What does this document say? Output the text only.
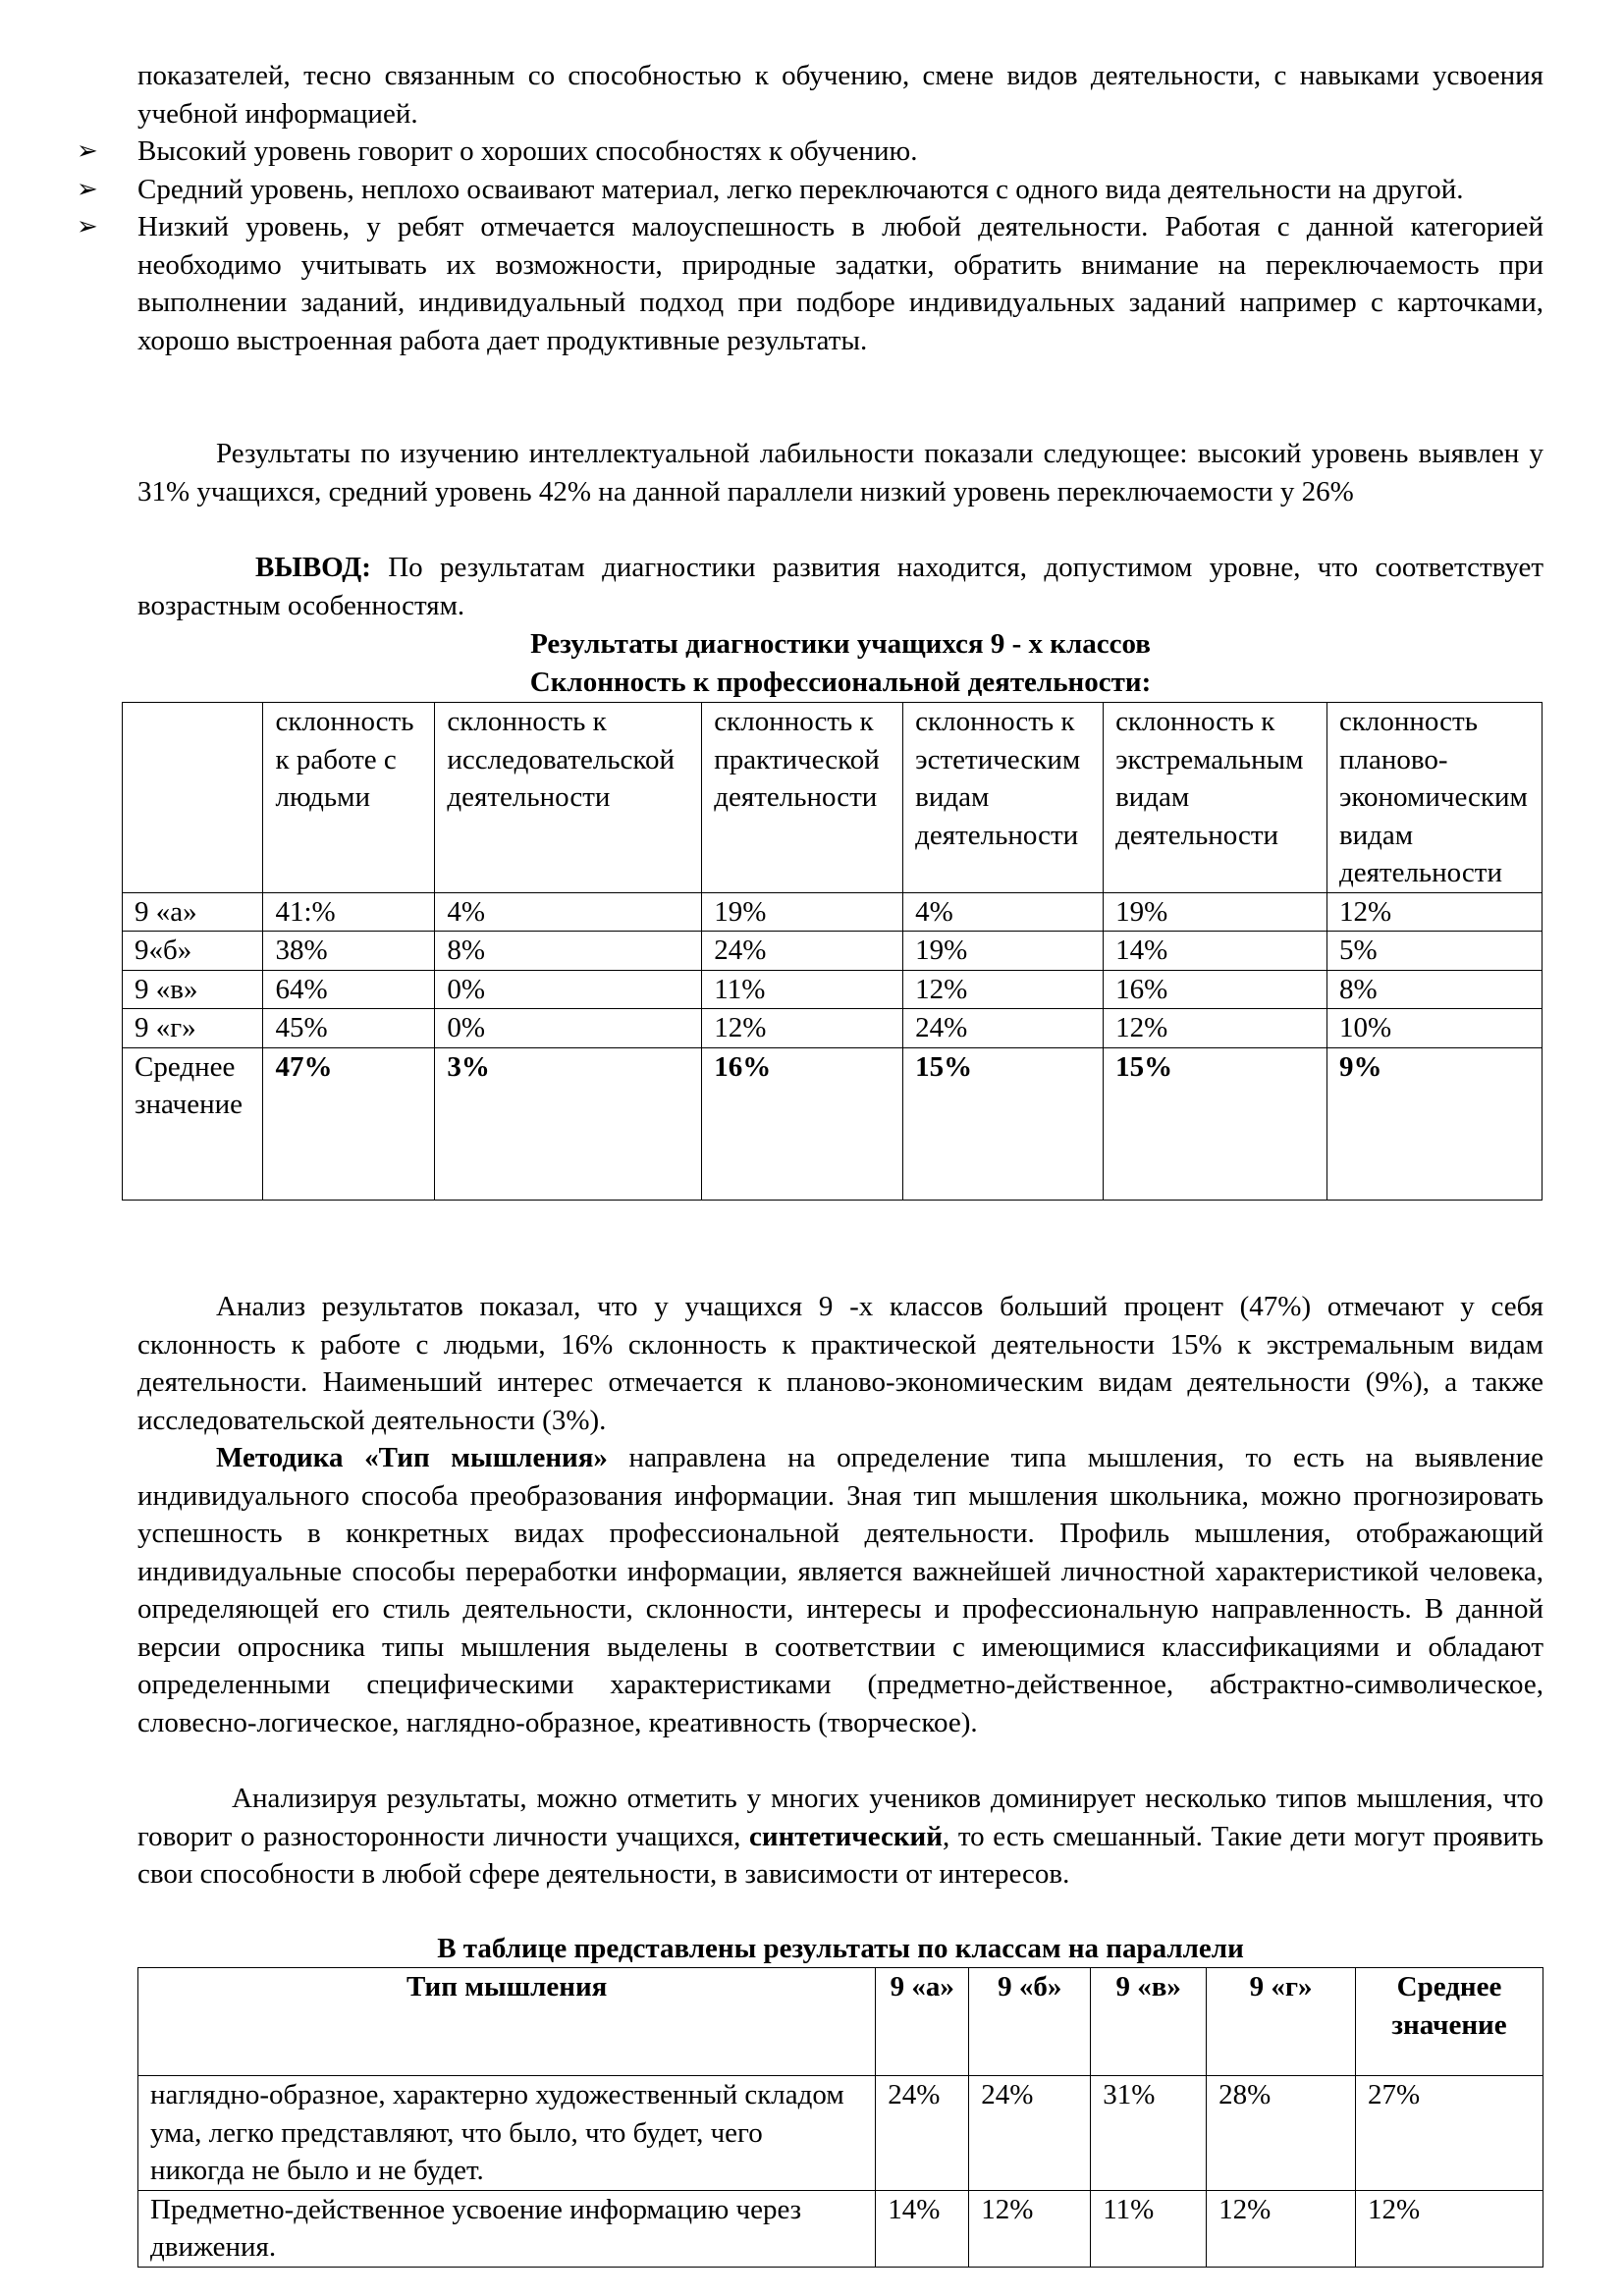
показателей, тесно связанным со способностью к обучению, смене видов деятельности, с навыками усвоения учебной информацией.

➢ Высокий уровень говорит о хороших способностях к обучению.
➢ Средний уровень, неплохо осваивают материал, легко переключаются с одного вида деятельности на другой.
➢ Низкий уровень, у ребят отмечается малоуспешность в любой деятельности. Работая с данной категорией необходимо учитывать их возможности, природные задатки, обратить внимание на переключаемость при выполнении заданий, индивидуальный подход при подборе индивидуальных заданий например с карточками, хорошо выстроенная работа дает продуктивные результаты.

Результаты по изучению интеллектуальной лабильности показали следующее: высокий уровень выявлен у 31% учащихся, средний уровень 42% на данной параллели низкий уровень переключаемости у 26%

ВЫВОД: По результатам диагностики развития находится, допустимом уровне, что соответствует возрастным особенностям.

Результаты диагностики учащихся 9 - х классов
Склонность к профессиональной деятельности:
	склонность к работе с людьми	склонность к исследовательской деятельности	склонность к практической деятельности	склонность к эстетическим видам деятельности	склонность к экстремальным видам деятельности	склонность планово-экономическим видам деятельности
9 «а»	41:%	4%	19%	4%	19%	12%
9«б»	38%	8%	24%	19%	14%	5%
9 «в»	64%	0%	11%	12%	16%	8%
9 «г»	45%	0%	12%	24%	12%	10%
Среднее значение	47%	3%	16%	15%	15%	9%

Анализ результатов показал, что у учащихся 9 -х классов больший процент (47%) отмечают у себя склонность к работе с людьми, 16% склонность к практической деятельности 15% к экстремальным видам деятельности. Наименьший интерес отмечается к планово-экономическим видам деятельности (9%), а также исследовательской деятельности (3%).

Методика «Тип мышления» направлена на определение типа мышления, то есть на выявление индивидуального способа преобразования информации. Зная тип мышления школьника, можно прогнозировать успешность в конкретных видах профессиональной деятельности. Профиль мышления, отображающий индивидуальные способы переработки информации, является важнейшей личностной характеристикой человека, определяющей его стиль деятельности, склонности, интересы и профессиональную направленность. В данной версии опросника типы мышления выделены в соответствии с имеющимися классификациями и обладают определенными специфическими характеристиками (предметно-действенное, абстрактно-символическое, словесно-логическое, наглядно-образное, креативность (творческое).

Анализируя результаты, можно отметить у многих учеников доминирует несколько типов мышления, что говорит о разносторонности личности учащихся, синтетический, то есть смешанный. Такие дети могут проявить свои способности в любой сфере деятельности, в зависимости от интересов.

В таблице представлены результаты по классам на параллели
Тип мышления	9 «а»	9 «б»	9 «в»	9 «г»	Среднее значение
наглядно-образное, характерно художественный складом ума, легко представляют, что было, что будет, чего никогда не было и не будет.	24%	24%	31%	28%	27%
Предметно-действенное усвоение информацию через движения.	14%	12%	11%	12%	12%
